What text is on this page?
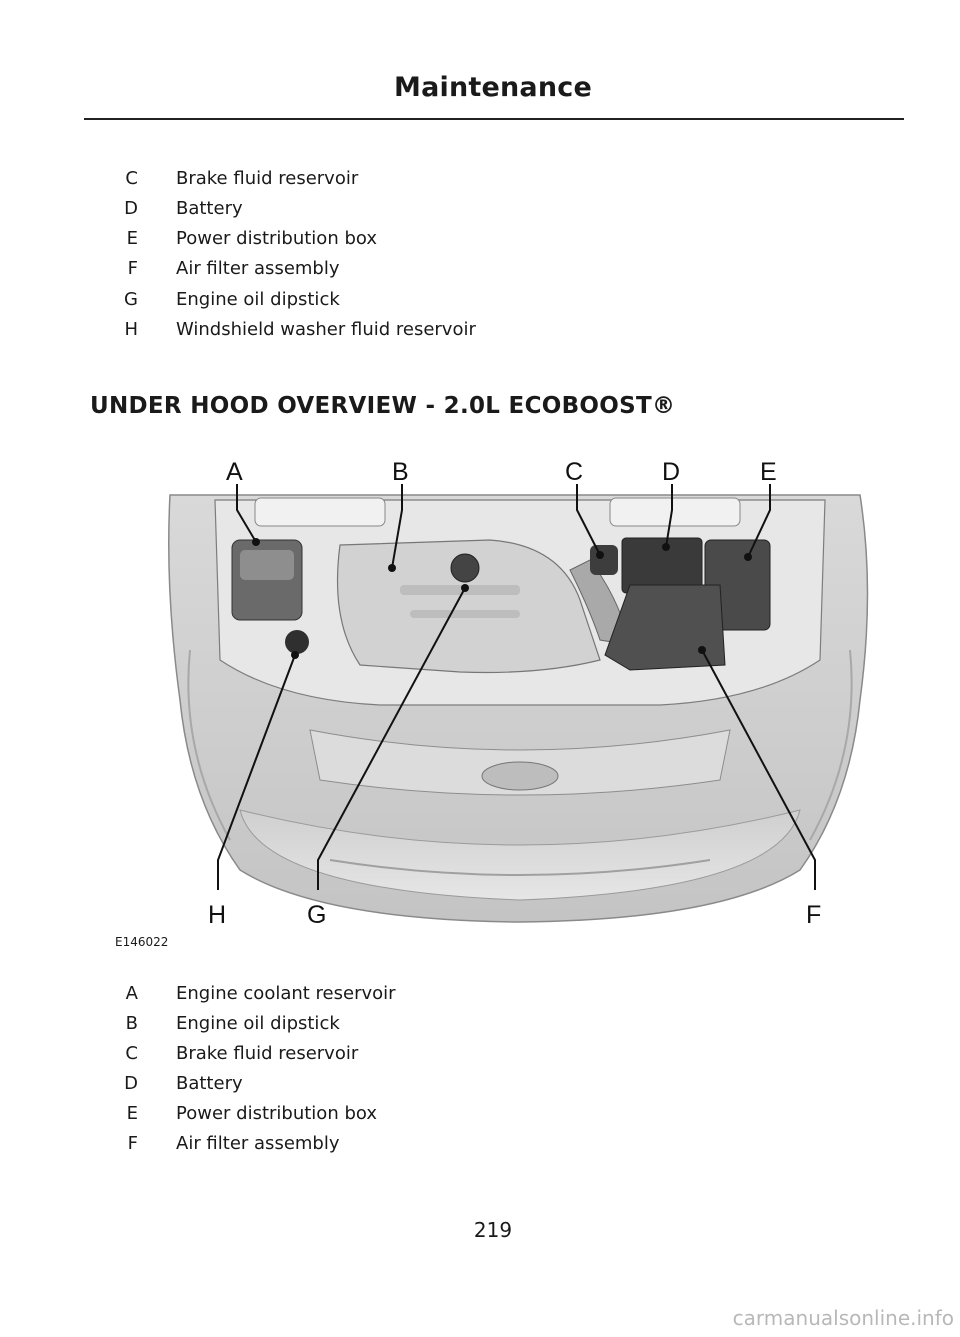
Maintenance
C Brake fluid reservoir
D Battery
E Power distribution box
F Air filter assembly
G Engine oil dipstick
H Windshield washer fluid reservoir
UNDER HOOD OVERVIEW - 2.0L ECOBOOST®
A	B	C	D	E
F
G
H
E146022
A Engine coolant reservoir
B Engine oil dipstick
C Brake fluid reservoir
D Battery
E Power distribution box
F Air filter assembly
219
carmanualsonline.info
